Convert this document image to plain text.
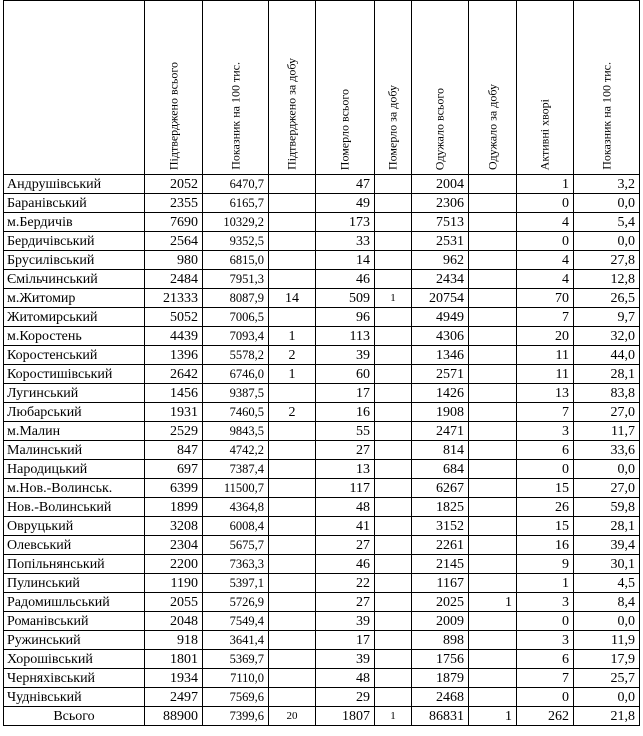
	Підтверджено всього	Показник на 100 тис.	Підтверджено за добу	Померло всього	Померло за добу	Одужало всього	Одужало за добу	Активні хворі	Показник на 100 тис.

Андрушівський	2052	6470,7		47		2004		1	3,2
Баранівський	2355	6165,7		49		2306		0	0,0
м.Бердичів	7690	10329,2		173		7513		4	5,4
Бердичівський	2564	9352,5		33		2531		0	0,0
Брусилівський	980	6815,0		14		962		4	27,8
Ємільчинський	2484	7951,3		46		2434		4	12,8
м.Житомир	21333	8087,9	14	509	1	20754		70	26,5
Житомирський	5052	7006,5		96		4949		7	9,7
м.Коростень	4439	7093,4	1	113		4306		20	32,0
Коростенський	1396	5578,2	2	39		1346		11	44,0
Коростишівський	2642	6746,0	1	60		2571		11	28,1
Лугинський	1456	9387,5		17		1426		13	83,8
Любарський	1931	7460,5	2	16		1908		7	27,0
м.Малин	2529	9843,5		55		2471		3	11,7
Малинський	847	4742,2		27		814		6	33,6
Народицький	697	7387,4		13		684		0	0,0
м.Нов.-Волинськ.	6399	11500,7		117		6267		15	27,0
Нов.-Волинський	1899	4364,8		48		1825		26	59,8
Овруцький	3208	6008,4		41		3152		15	28,1
Олевський	2304	5675,7		27		2261		16	39,4
Попільнянський	2200	7363,3		46		2145		9	30,1
Пулинський	1190	5397,1		22		1167		1	4,5
Радомишльський	2055	5726,9		27		2025	1	3	8,4
Романівський	2048	7549,4		39		2009		0	0,0
Ружинський	918	3641,4		17		898		3	11,9
Хорошівський	1801	5369,7		39		1756		6	17,9
Черняхівський	1934	7110,0		48		1879		7	25,7
Чуднівський	2497	7569,6		29		2468		0	0,0
Всього	88900	7399,6	20	1807	1	86831	1	262	21,8
